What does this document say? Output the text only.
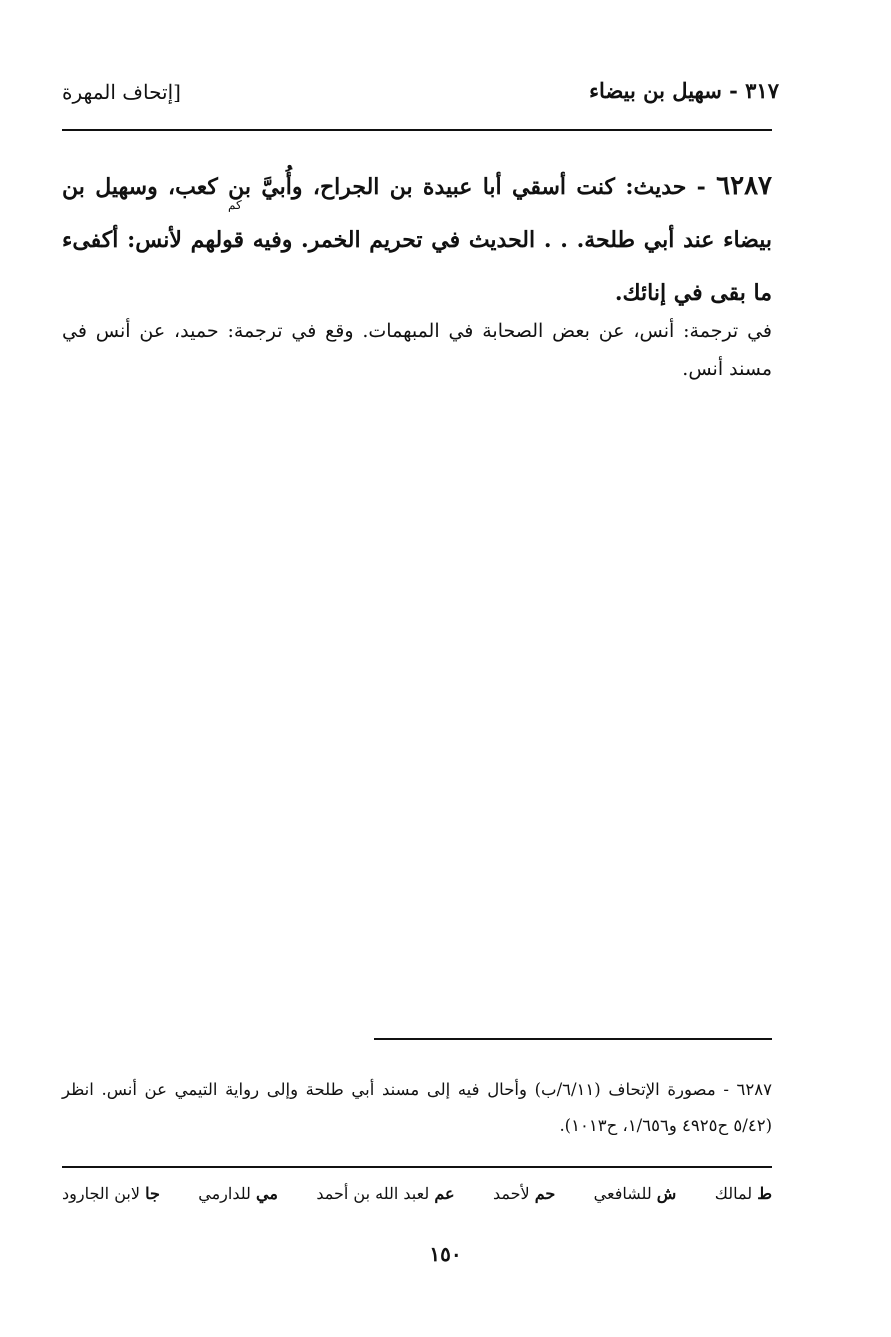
٣١٧ - سهيل بن بيضاء
[إتحاف المهرة
٦٢٨٧ - حديث: كنت أسقي أبا عبيدة بن الجراح، وأُبيَّ بن كعب، وسهيل بن بيضاء عند أبي طلحة. . . الحديث في تحريم الخمر. وفيه قولهم لأنس: أكفىء ما بقى في إنائك.
كم
في ترجمة: أنس، عن بعض الصحابة في المبهمات. وقع في ترجمة: حميد، عن أنس في مسند أنس.
٦٢٨٧ - مصورة الإتحاف (٦/١١/ب) وأحال فيه إلى مسند أبي طلحة وإلى رواية التيمي عن أنس. انظر (٥/٤٢ ح٤٩٢٥ و١/٦٥٦، ح١٠١٣).
ط لمالك
ش للشافعي
حم لأحمد
عم لعبد الله بن أحمد
مي للدارمي
جا لابن الجارود
١٥٠
